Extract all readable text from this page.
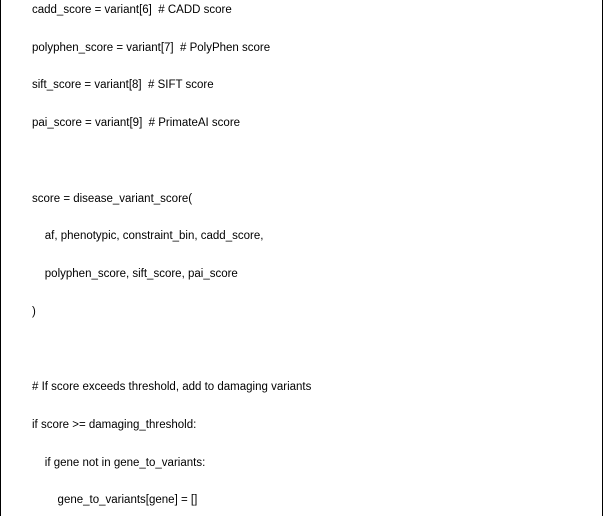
cadd_score = variant[6]  # CADD score
polyphen_score = variant[7]  # PolyPhen score
sift_score = variant[8]  # SIFT score
pai_score = variant[9]  # PrimateAI score
score = disease_variant_score(
af, phenotypic, constraint_bin, cadd_score,
polyphen_score, sift_score, pai_score
)
# If score exceeds threshold, add to damaging variants
if score >= damaging_threshold:
if gene not in gene_to_variants:
gene_to_variants[gene] = []
